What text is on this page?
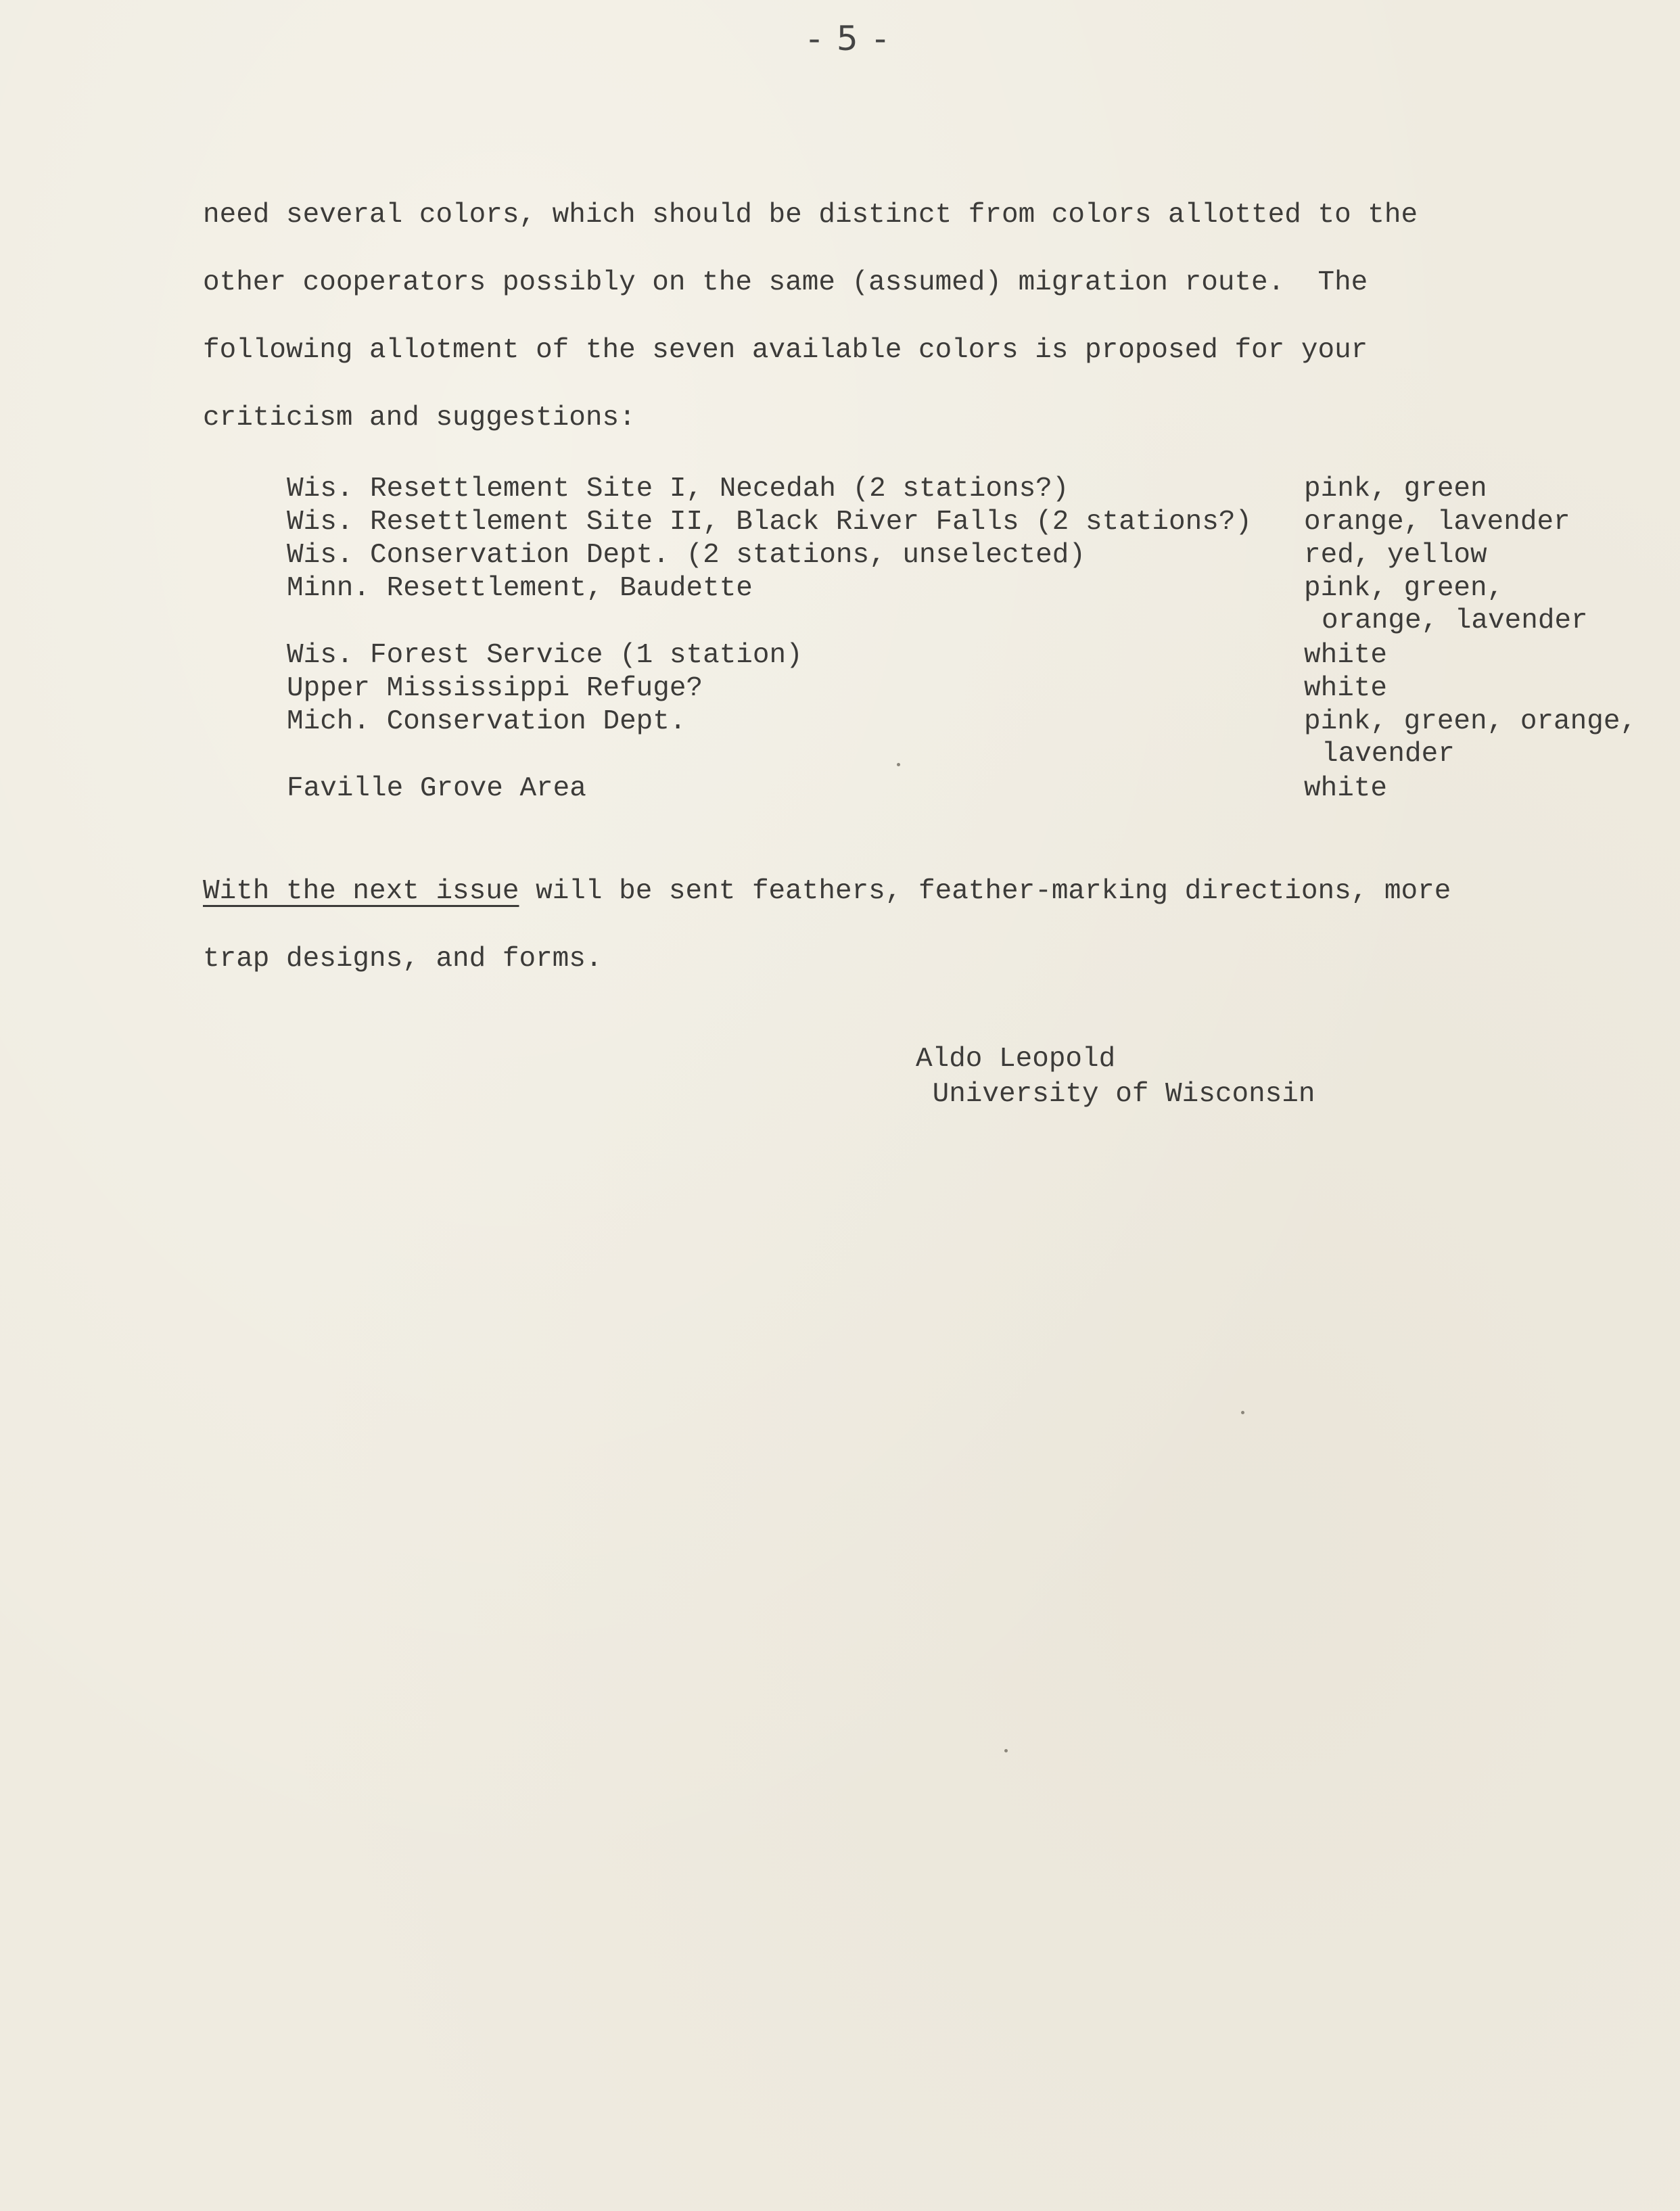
- 5 -
need several colors, which should be distinct from colors allotted to the
other cooperators possibly on the same (assumed) migration route.  The
following allotment of the seven available colors is proposed for your
criticism and suggestions:
Wis. Resettlement Site I, Necedah (2 stations?)	pink, green
Wis. Resettlement Site II, Black River Falls (2 stations?) orange, lavender
Wis. Conservation Dept. (2 stations, unselected)	red, yellow
Minn. Resettlement, Baudette	pink, green,
orange, lavender
Wis. Forest Service (1 station)	white
Upper Mississippi Refuge?	white
Mich. Conservation Dept.	pink, green, orange,
lavender
Faville Grove Area	white
With the next issue will be sent feathers, feather-marking directions, more
trap designs, and forms.
Aldo Leopold
University of Wisconsin
